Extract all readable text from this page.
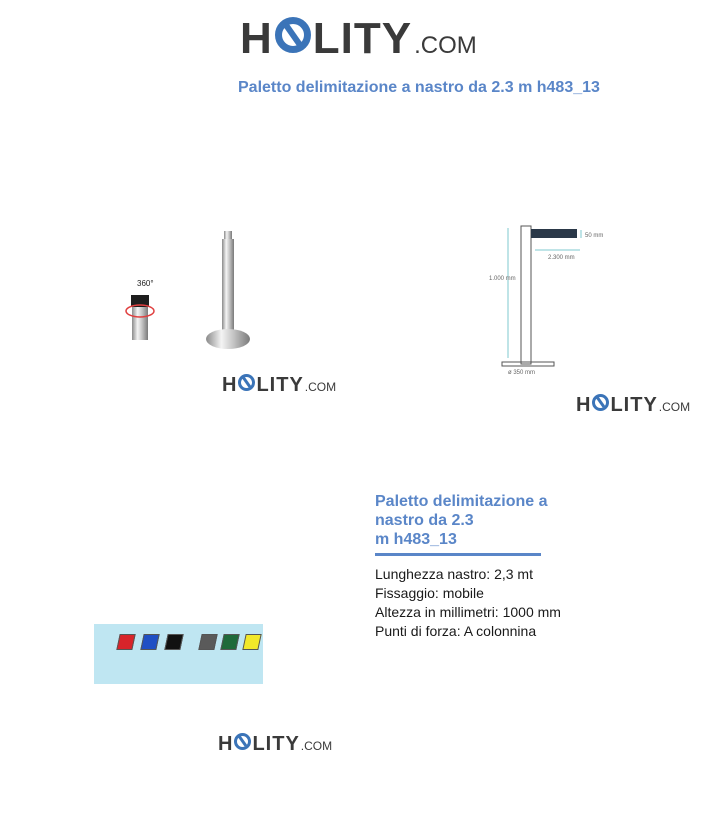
H LITY .COM
Paletto delimitazione a nastro da 2.3 m h483_13
360°
H LITY .COM
50 mm
2.300 mm
1.000 mm
ø 350 mm
H LITY .COM
Paletto delimitazione a
nastro da 2.3
m h483_13
Lunghezza nastro: 2,3 mt
Fissaggio: mobile
Altezza in millimetri: 1000 mm
Punti di forza: A colonnina
H LITY .COM
